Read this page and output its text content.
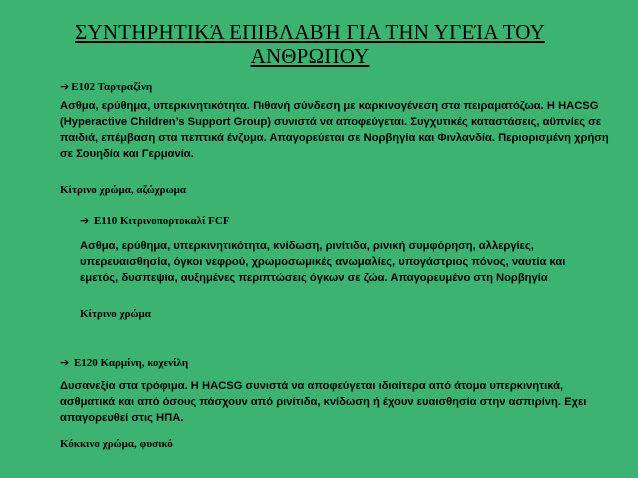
ΣΥΝΤΗΡΗΤΙΚΆ ΕΠΙΒΛΑΒΉ ΓΙΑ ΤΗΝ ΥΓΕΊΑ ΤΟΥ
ΑΝΘΡΩΠΟΥ
➔ Ε102 Ταρτραζίνη

Ασθμα, ερύθημα, υπερκινητικότητα. Πιθανή σύνδεση με καρκινογένεση στα πειραματόζωα. Η HACSG (Hyperactive Children’s Support Group) συνιστά να αποφεύγεται. Συγχυτικές καταστάσεις, αϋπνίες σε παιδιά, επέμβαση στα πεπτικά ένζυμα. Απαγορεύεται σε Νορβηγία και Φινλανδία. Περιορισμένη χρήση σε Σουηδία και Γερμανία.

Κίτρινο χρώμα, αζώχρωμα
➔ Ε110 Κιτρινοπορτοκαλί FCF

Ασθμα, ερύθημα, υπερκινητικότητα, κνίδωση, ρινίτιδα, ρινική συμφόρηση, αλλεργίες, υπερευαισθησία, όγκοι νεφρού, χρωμοσωμικές ανωμαλίες, υπογάστριος πόνος, ναυτία και εμετός, δυσπεψία, αυξημένες περιπτώσεις όγκων σε ζώα. Απαγορευμένο στη Νορβηγία

Κίτρινο χρώμα
➔ Ε120 Καρμίνη, κοχενίλη

Δυσανεξία στα τρόφιμα. Η HACSG συνιστά να αποφεύγεται ιδιαίτερα από άτομα υπερκινητικά, ασθματικά και από όσους πάσχουν από ρινίτιδα, κνίδωση ή έχουν ευαισθησία στην ασπιρίνη. Εχει απαγορευθεί στις ΗΠΑ.

Κόκκινο χρώμα, φυσικό
